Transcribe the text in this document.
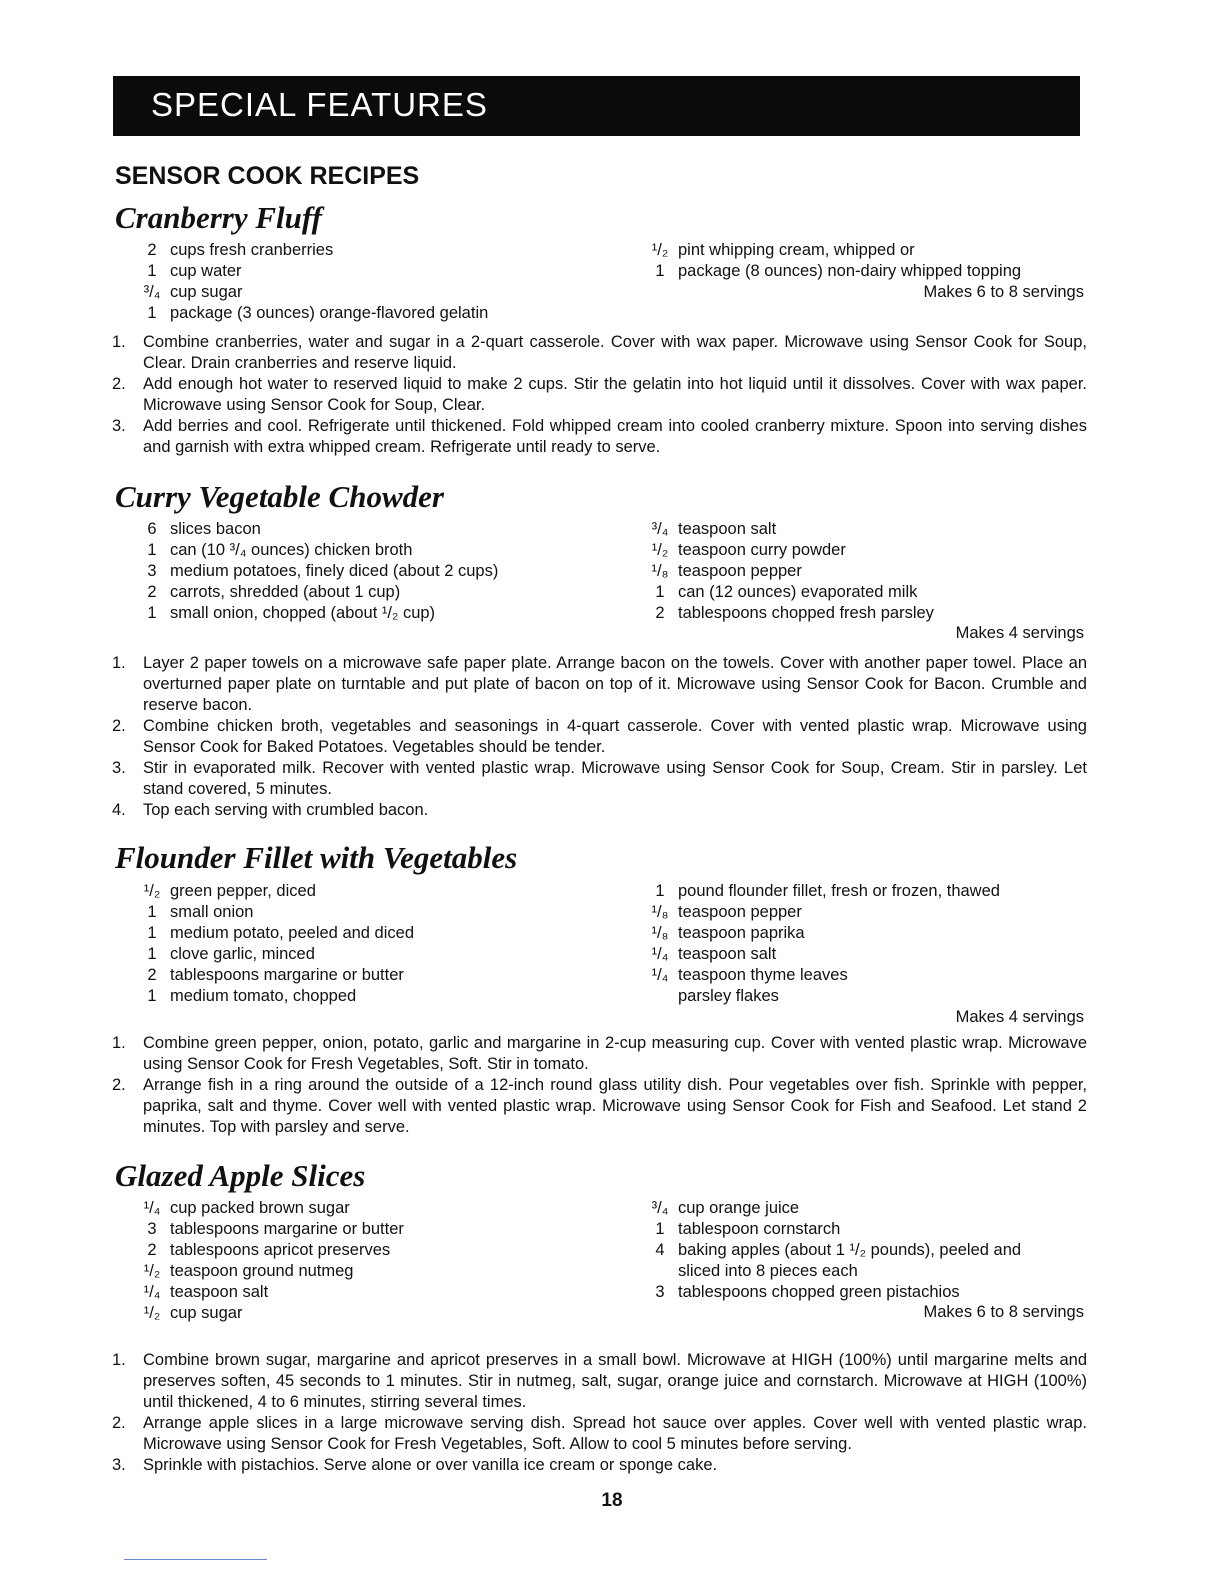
SPECIAL FEATURES
SENSOR COOK RECIPES
Cranberry Fluff
2 cups fresh cranberries
1 cup water
³/₄ cup sugar
1 package (3 ounces) orange-flavored gelatin
¹/₂ pint whipping cream, whipped or
1 package (8 ounces) non-dairy whipped topping
Makes 6 to 8 servings
1.	Combine cranberries, water and sugar in a 2-quart casserole. Cover with wax paper. Microwave using Sensor Cook for Soup, Clear. Drain cranberries and reserve liquid.
2.	Add enough hot water to reserved liquid to make 2 cups. Stir the gelatin into hot liquid until it dissolves. Cover with wax paper. Microwave using Sensor Cook for Soup, Clear.
3.	Add berries and cool. Refrigerate until thickened. Fold whipped cream into cooled cranberry mixture. Spoon into serving dishes and garnish with extra whipped cream. Refrigerate until ready to serve.
Curry Vegetable Chowder
6 slices bacon
1 can (10 ³/₄ ounces) chicken broth
3 medium potatoes, finely diced (about 2 cups)
2 carrots, shredded (about 1 cup)
1 small onion, chopped (about ¹/₂ cup)
³/₄ teaspoon salt
¹/₂ teaspoon curry powder
¹/₈ teaspoon pepper
1 can (12 ounces) evaporated milk
2 tablespoons chopped fresh parsley
Makes 4 servings
1.	Layer 2 paper towels on a microwave safe paper plate. Arrange bacon on the towels. Cover with another paper towel. Place an overturned paper plate on turntable and put plate of bacon on top of it. Microwave using Sensor Cook for Bacon. Crumble and reserve bacon.
2.	Combine chicken broth, vegetables and seasonings in 4-quart casserole. Cover with vented plastic wrap. Microwave using Sensor Cook for Baked Potatoes. Vegetables should be tender.
3.	Stir in evaporated milk. Recover with vented plastic wrap. Microwave using Sensor Cook for Soup, Cream. Stir in parsley. Let stand covered, 5 minutes.
4.	Top each serving with crumbled bacon.
Flounder Fillet with Vegetables
¹/₂ green pepper, diced
1 small onion
1 medium potato, peeled and diced
1 clove garlic, minced
2 tablespoons margarine or butter
1 medium tomato, chopped
1 pound flounder fillet, fresh or frozen, thawed
¹/₈ teaspoon pepper
¹/₈ teaspoon paprika
¹/₄ teaspoon salt
¹/₄ teaspoon thyme leaves
parsley flakes
Makes 4 servings
1.	Combine green pepper, onion, potato, garlic and margarine in 2-cup measuring cup. Cover with vented plastic wrap. Microwave using Sensor Cook for Fresh Vegetables, Soft. Stir in tomato.
2.	Arrange fish in a ring around the outside of a 12-inch round glass utility dish. Pour vegetables over fish. Sprinkle with pepper, paprika, salt and thyme. Cover well with vented plastic wrap. Microwave using Sensor Cook for Fish and Seafood. Let stand 2 minutes. Top with parsley and serve.
Glazed Apple Slices
¹/₄ cup packed brown sugar
3 tablespoons margarine or butter
2 tablespoons apricot preserves
¹/₂ teaspoon ground nutmeg
¹/₄ teaspoon salt
¹/₂ cup sugar
³/₄ cup orange juice
1 tablespoon cornstarch
4 baking apples (about 1 ¹/₂ pounds), peeled and
sliced into 8 pieces each
3 tablespoons chopped green pistachios
Makes 6 to 8 servings
1.	Combine brown sugar, margarine and apricot preserves in a small bowl. Microwave at HIGH (100%) until margarine melts and preserves soften, 45 seconds to 1 minutes. Stir in nutmeg, salt, sugar, orange juice and cornstarch. Microwave at HIGH (100%) until thickened, 4 to 6 minutes, stirring several times.
2.	Arrange apple slices in a large microwave serving dish. Spread hot sauce over apples. Cover well with vented plastic wrap. Microwave using Sensor Cook for Fresh Vegetables, Soft. Allow to cool 5 minutes before serving.
3.	Sprinkle with pistachios. Serve alone or over vanilla ice cream or sponge cake.
18
